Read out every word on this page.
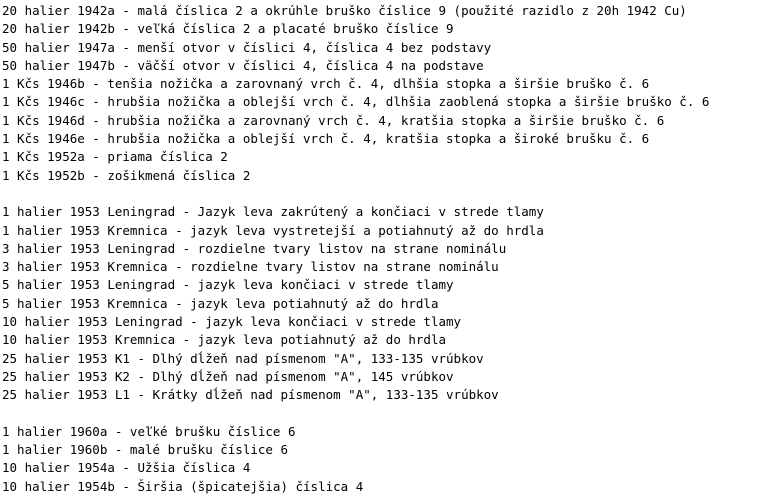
20 halier 1942a - malá číslica 2 a okrúhle bruško číslice 9 (použité razidlo z 20h 1942 Cu)
20 halier 1942b - veľká číslica 2 a placaté bruško číslice 9
50 halier 1947a - menší otvor v číslici 4, číslica 4 bez podstavy
50 halier 1947b - väčší otvor v číslici 4, číslica 4 na podstave
1 Kčs 1946b - tenšia nožička a zarovnaný vrch č. 4, dlhšia stopka a širšie bruško č. 6
1 Kčs 1946c - hrubšia nožička a oblejší vrch č. 4, dlhšia zaoblená stopka a širšie bruško č. 6
1 Kčs 1946d - hrubšia nožička a zarovnaný vrch č. 4, kratšia stopka a širšie bruško č. 6
1 Kčs 1946e - hrubšia nožička a oblejší vrch č. 4, kratšia stopka a široké brušku č. 6
1 Kčs 1952a - priama číslica 2
1 Kčs 1952b - zošikmená číslica 2
1 halier 1953 Leningrad - Jazyk leva zakrútený a končiaci v strede tlamy
1 halier 1953 Kremnica - jazyk leva vystretejší a potiahnutý až do hrdla
3 halier 1953 Leningrad - rozdielne tvary listov na strane nominálu
3 halier 1953 Kremnica - rozdielne tvary listov na strane nominálu
5 halier 1953 Leningrad - jazyk leva končiaci v strede tlamy
5 halier 1953 Kremnica - jazyk leva potiahnutý až do hrdla
10 halier 1953 Leningrad - jazyk leva končiaci v strede tlamy
10 halier 1953 Kremnica - jazyk leva potiahnutý až do hrdla
25 halier 1953 K1 - Dlhý dĺžeň nad písmenom "A", 133-135 vrúbkov
25 halier 1953 K2 - Dlhý dĺžeň nad písmenom "A", 145 vrúbkov
25 halier 1953 L1 - Krátky dĺžeň nad písmenom "A", 133-135 vrúbkov
1 halier 1960a - veľké brušku číslice 6
1 halier 1960b - malé brušku číslice 6
10 halier 1954a - Užšia číslica 4
10 halier 1954b - Širšia (špicatejšia) číslica 4
